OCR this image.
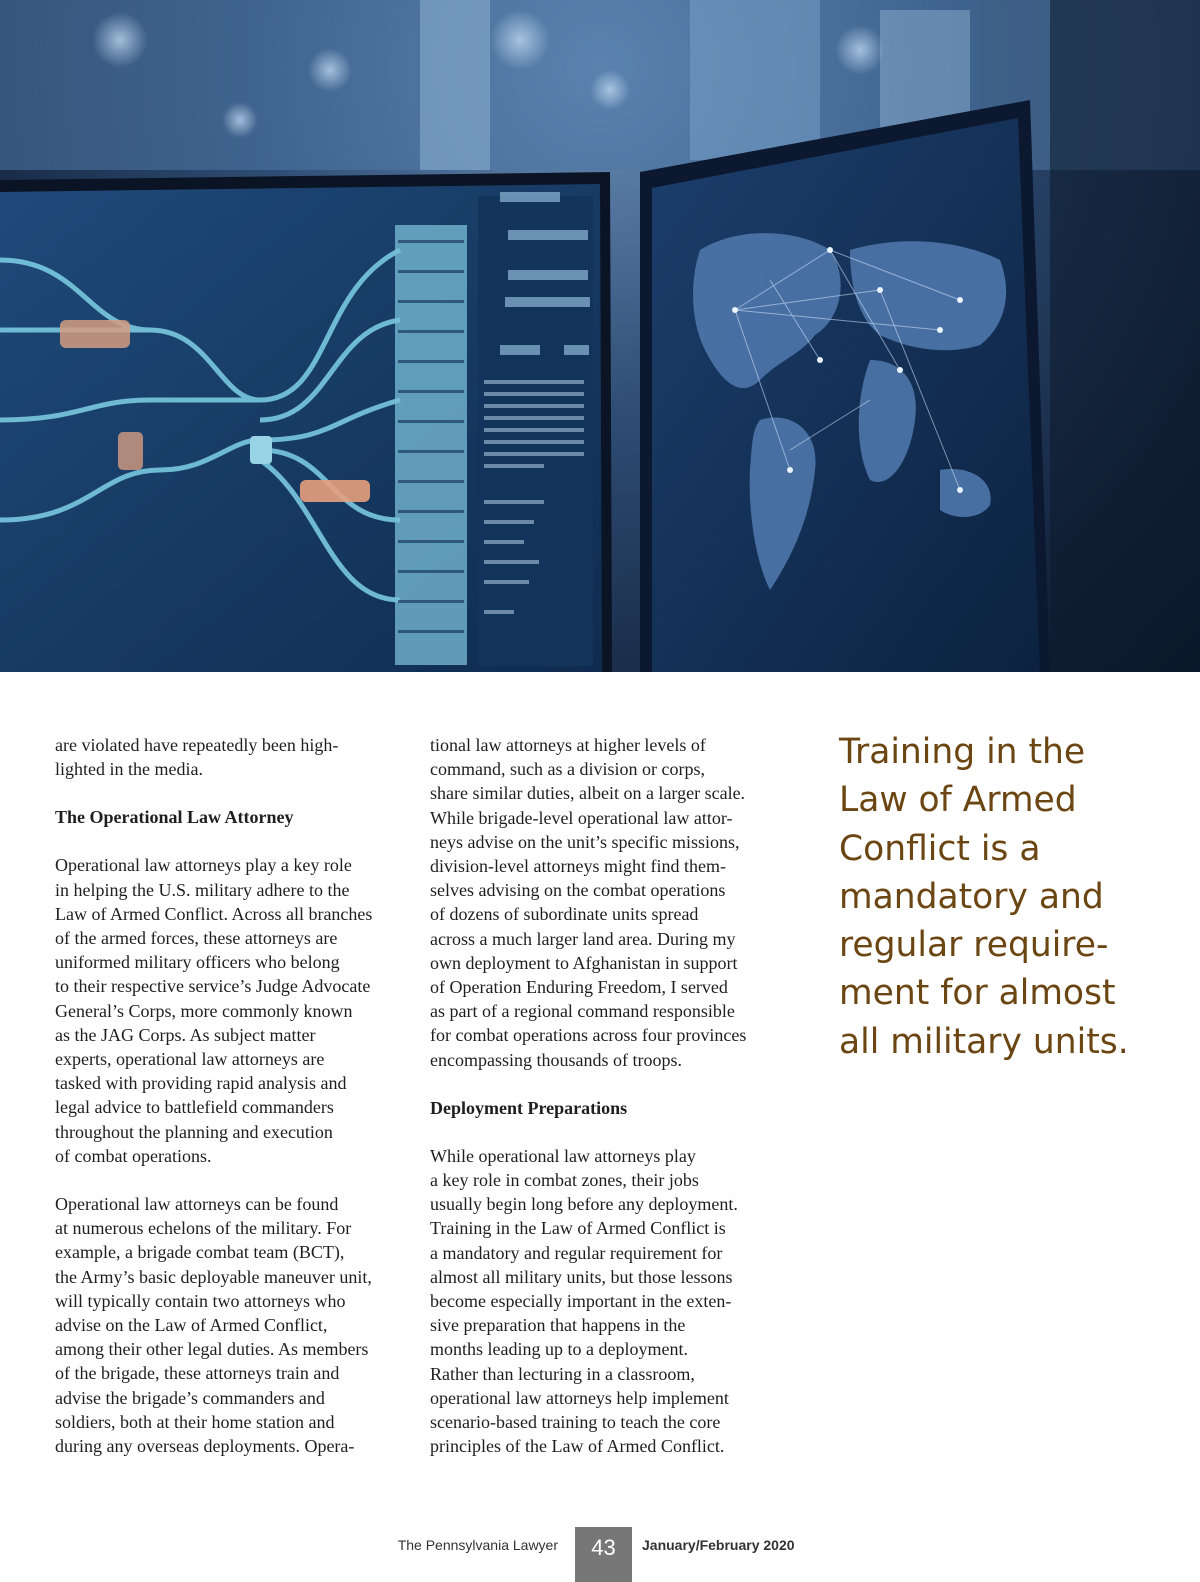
are violated have repeatedly been high-
lighted in the media.

The Operational Law Attorney

Operational law attorneys play a key role
in helping the U.S. military adhere to the
Law of Armed Conflict. Across all branches
of the armed forces, these attorneys are
uniformed military officers who belong
to their respective service’s Judge Advocate
General’s Corps, more commonly known
as the JAG Corps. As subject matter
experts, operational law attorneys are
tasked with providing rapid analysis and
legal advice to battlefield commanders
throughout the planning and execution
of combat operations.

Operational law attorneys can be found
at numerous echelons of the military. For
example, a brigade combat team (BCT),
the Army’s basic deployable maneuver unit,
will typically contain two attorneys who
advise on the Law of Armed Conflict,
among their other legal duties. As members
of the brigade, these attorneys train and
advise the brigade’s commanders and
soldiers, both at their home station and
during any overseas deployments. Opera-

tional law attorneys at higher levels of
command, such as a division or corps,
share similar duties, albeit on a larger scale.
While brigade-level operational law attor-
neys advise on the unit’s specific missions,
division-level attorneys might find them-
selves advising on the combat operations
of dozens of subordinate units spread
across a much larger land area. During my
own deployment to Afghanistan in support
of Operation Enduring Freedom, I served
as part of a regional command responsible
for combat operations across four provinces
encompassing thousands of troops.

Deployment Preparations

While operational law attorneys play
a key role in combat zones, their jobs
usually begin long before any deployment.
Training in the Law of Armed Conflict is
a mandatory and regular requirement for
almost all military units, but those lessons
become especially important in the exten-
sive preparation that happens in the
months leading up to a deployment.
Rather than lecturing in a classroom,
operational law attorneys help implement
scenario-based training to teach the core
principles of the Law of Armed Conflict.

Training in the
Law of Armed
Conflict is a
mandatory and
regular require-
ment for almost
all military units.
The Pennsylvania Lawyer	43	January/February 2020
